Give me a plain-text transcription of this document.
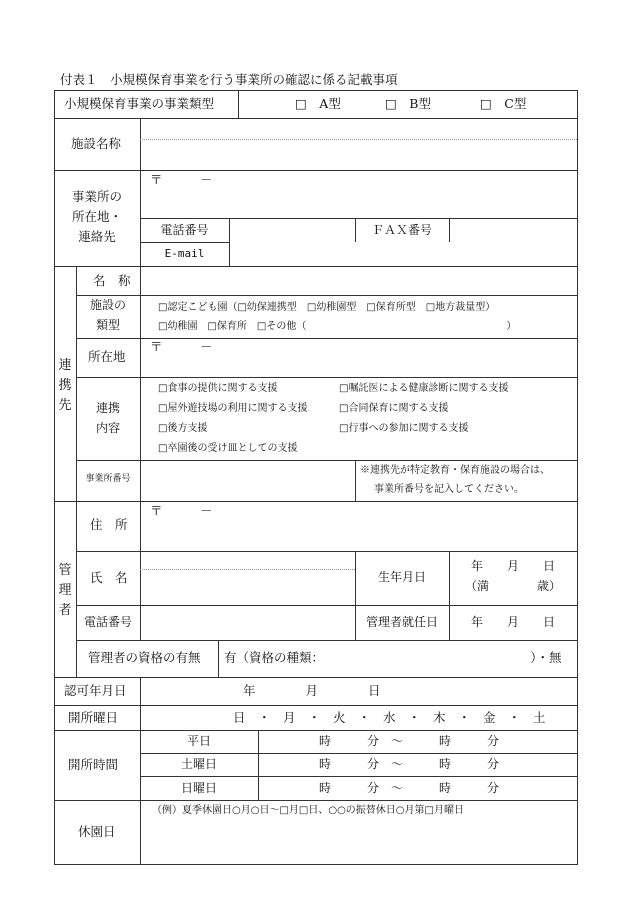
付表１　小規模保育事業を行う事業所の確認に係る記載事項
小規模保育事業の事業類型	□　A型	□　B型	□　C型
施設名称
事業所の
所在地・
連絡先
〒　　　－
電話番号	ＦＡＸ番号
E-mail
連携先
名　称
施設の
類型
□認定こども園（□幼保連携型　□幼稚園型　□保育所型　□地方裁量型）
□幼稚園　□保育所　□その他（　　　　　　　　　　　　　　　　　　　　）
所在地
〒　　　－
連携
内容
□食事の提供に関する支援	□嘱託医による健康診断に関する支援
□屋外遊技場の利用に関する支援	□合同保育に関する支援
□後方支援	□行事への参加に関する支援
□卒園後の受け皿としての支援
事業所番号
※連携先が特定教育・保育施設の場合は、
事業所番号を記入してください。
管理者
住　所
〒　　　－
氏　名	生年月日
年　　月　　日
（満　　　　歳）
電話番号	管理者就任日	年　　月　　日
管理者の資格の有無 有（資格の種類：　　　　　　　　　　　　　　　　　）・無
認可年月日	年　　　　月　　　　日
開所曜日	日　・　月　・　火　・　水　・　木　・　金　・　土
開所時間
平日	時　　　分　～　　　時　　　分
土曜日	時　　　分　～　　　時　　　分
日曜日	時　　　分　～　　　時　　　分
休園日
（例）夏季休園日○月○日～□月□日、○○の振替休日○月第□月曜日
